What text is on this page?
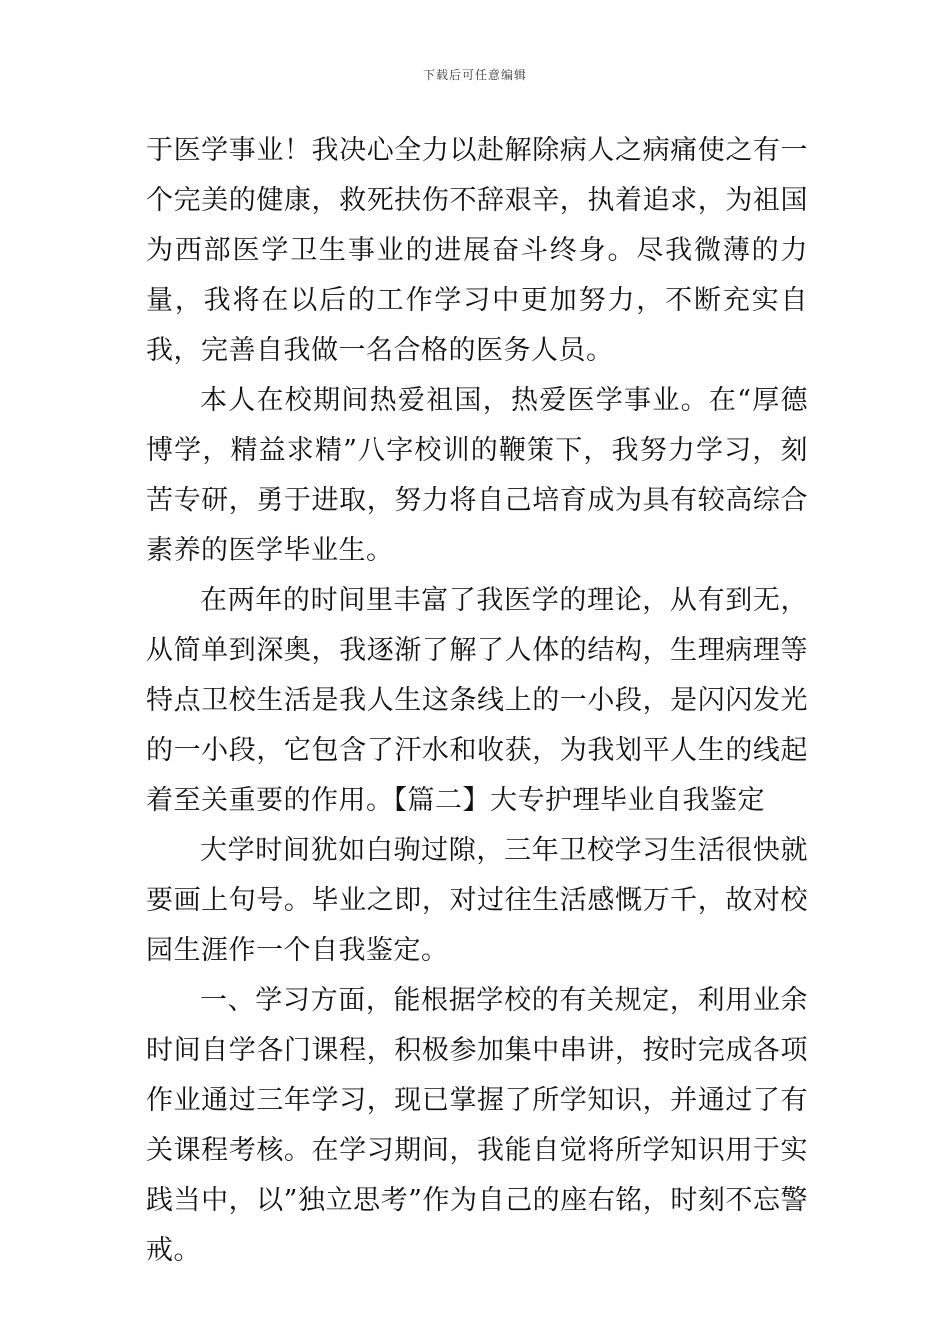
下载后可任意编辑

于医学事业！我决心全力以赴解除病人之病痛使之有一个完美的健康，救死扶伤不辞艰辛，执着追求，为祖国为西部医学卫生事业的进展奋斗终身。尽我微薄的力量，我将在以后的工作学习中更加努力，不断充实自我，完善自我做一名合格的医务人员。

本人在校期间热爱祖国，热爱医学事业。在“厚德博学，精益求精”八字校训的鞭策下，我努力学习，刻苦专研，勇于进取，努力将自己培育成为具有较高综合素养的医学毕业生。

在两年的时间里丰富了我医学的理论，从有到无，从简单到深奥，我逐渐了解了人体的结构，生理病理等特点卫校生活是我人生这条线上的一小段，是闪闪发光的一小段，它包含了汗水和收获，为我划平人生的线起着至关重要的作用。【篇二】大专护理毕业自我鉴定

大学时间犹如白驹过隙，三年卫校学习生活很快就要画上句号。毕业之即，对过往生活感慨万千，故对校园生涯作一个自我鉴定。

一、学习方面，能根据学校的有关规定，利用业余时间自学各门课程，积极参加集中串讲，按时完成各项作业通过三年学习，现已掌握了所学知识，并通过了有关课程考核。在学习期间，我能自觉将所学知识用于实践当中，以”独立思考”作为自己的座右铭，时刻不忘警戒。
